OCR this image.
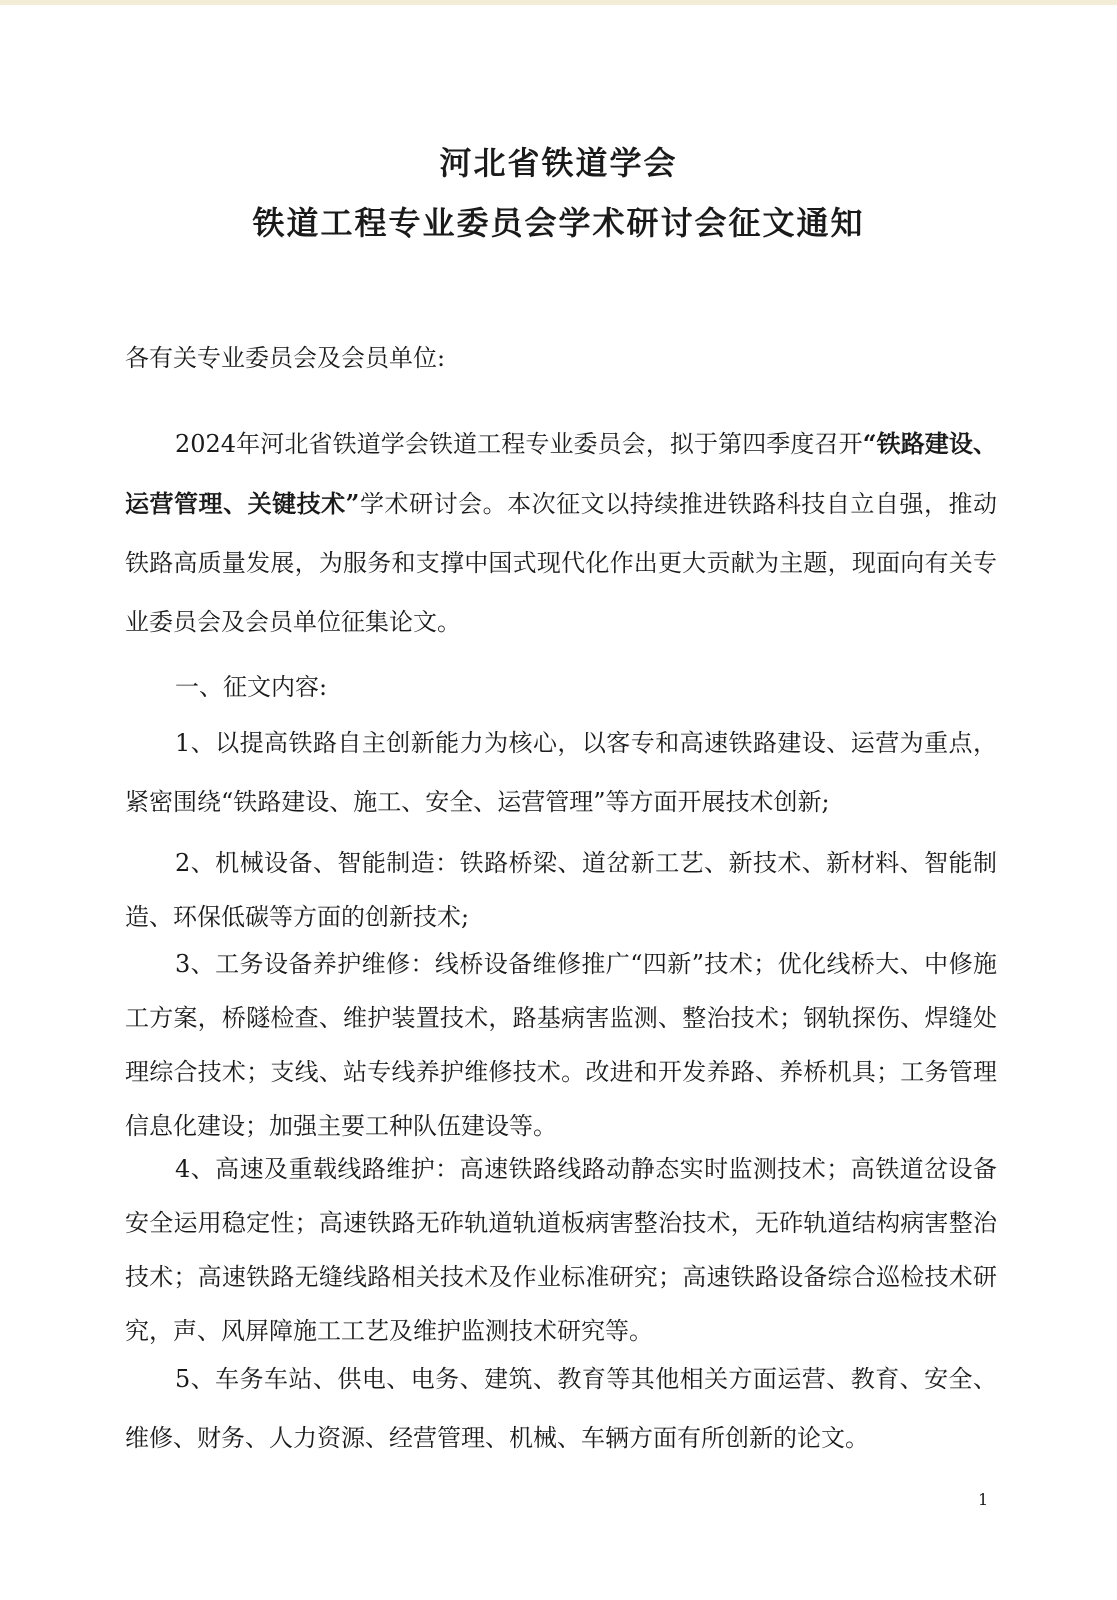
河北省铁道学会
铁道工程专业委员会学术研讨会征文通知
各有关专业委员会及会员单位:
2024年河北省铁道学会铁道工程专业委员会，拟于第四季度召开“铁路建设、运营管理、关键技术”学术研讨会。本次征文以持续推进铁路科技自立自强，推动铁路高质量发展，为服务和支撑中国式现代化作出更大贡献为主题，现面向有关专业委员会及会员单位征集论文。
一、征文内容:
1、以提高铁路自主创新能力为核心，以客专和高速铁路建设、运营为重点，紧密围绕“铁路建设、施工、安全、运营管理”等方面开展技术创新;
2、机械设备、智能制造：铁路桥梁、道岔新工艺、新技术、新材料、智能制造、环保低碳等方面的创新技术;
3、工务设备养护维修：线桥设备维修推广“四新”技术；优化线桥大、中修施工方案，桥隧检查、维护装置技术，路基病害监测、整治技术；钢轨探伤、焊缝处理综合技术；支线、站专线养护维修技术。改进和开发养路、养桥机具；工务管理信息化建设；加强主要工种队伍建设等。
4、高速及重载线路维护：高速铁路线路动静态实时监测技术；高铁道岔设备安全运用稳定性；高速铁路无砟轨道轨道板病害整治技术，无砟轨道结构病害整治技术；高速铁路无缝线路相关技术及作业标准研究；高速铁路设备综合巡检技术研究，声、风屏障施工工艺及维护监测技术研究等。
5、车务车站、供电、电务、建筑、教育等其他相关方面运营、教育、安全、维修、财务、人力资源、经营管理、机械、车辆方面有所创新的论文。
1
